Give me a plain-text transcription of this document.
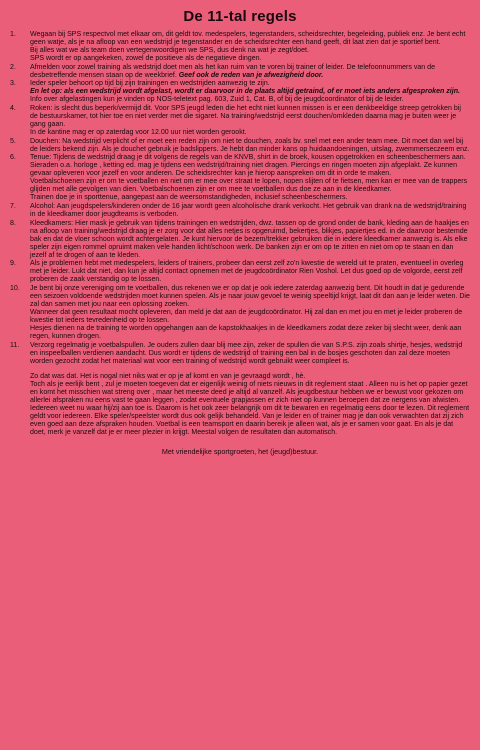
De 11-tal regels
1.	Wegaan bij SPS respectvol met elkaar om, dit geldt tov. medespelers, tegenstanders, scheidsrechter, begeleiding, publiek enz. Je bent echt geen watje, als je na afloop van een wedstrijd je tegenstander en de scheidsrechter een hand geeft, dit laat zien dat je sportief bent.
Bij alles wat we als team doen vertegenwoordigen we SPS, dus denk na wat je zegt/doet.
SPS wordt er op aangekeken, zowel de positieve als de negatieve dingen.
2.	Afmelden voor zowel training als wedstrijd doet men als het kan ruim van te voren bij trainer of leider. De telefoonnummers van de desbetreffende mensen staan op de weekbrief. Geef ook de reden van je afwezigheid door.
3.	Ieder speler behoort op tijd bij zijn trainingen en wedstrijden aanwezig te zijn.
En let op: als een wedstrijd wordt afgelast, wordt er daarvoor in de plaats altijd getraind, of er moet iets anders afgesproken zijn. Info over afgelastingen kun je vinden op NOS-teletext pag. 603, Zuid 1, Cat. B, of bij de jeugdcoordinator of bij de leider.
4.	Roken: is slecht dus beperk/vermijd dit. Voor SPS jeugd leden die het echt niet kunnen missen is er een denkbeeldige streep getrokken bij de bestuurskamer, tot hier toe en niet verder met die sigaret. Na training/wedstrijd eerst douchen/omkleden daarna mag je buiten weer je gang gaan.
In de kantine mag er op zaterdag voor 12.00 uur niet worden gerookt.
5.	Douchen: Na wedstrijd verplicht of er moet een reden zijn om niet te douchen, zoals bv. snel met een ander team mee. Dit moet dan wel bij de leiders bekend zijn. Als je douchet gebruik je badslippers. Je hebt dan minder kans op huidaandoeningen, uitslag, zwemmerseczeem enz.
6.	Tenue: Tijdens de wedstrijd draag je dit volgens de regels van de KNVB, shirt in de broek, kousen opgetrokken en scheenbeschermers aan. Sieraden o.a. horloge , ketting ed. mag je tijdens een wedstrijd/training niet dragen. Piercings en ringen moeten zijn afgeplakt. Ze kunnen gevaar opleveren voor jezelf en voor anderen. De scheidsrechter kan je hierop aanspreken om dit in orde te maken.
Voetbalschoenen zijn er om te voetballen en niet om er mee over straat te lopen, nopen slijten of te fietsen, men kan er mee van de trappers glijden met alle gevolgen van dien. Voetbalschoenen zijn er om mee te voetballen dus doe ze aan in de kleedkamer.
Trainen doe je in sporttenue, aangepast aan de weersomstandigheden, inclusief scheenbeschermers.
7.	Alcohol: Aan jeugdspelers/kinderen onder de 16 jaar wordt geen alcoholische drank verkocht. Het gebruik van drank na de wedstrijd/training in de kleedkamer door jeugdteams is verboden.
8.	Kleedkamers: Hier mask je gebruik van tijdens trainingen en wedstrijden, dwz. tassen op de grond onder de bank, kleding aan de haakjes en na afloop van training/wedstrijd draag je er zorg voor dat alles netjes is opgeruimd, bekertjes, blikjes, papiertjes ed. in de daarvoor bestemde bak en dat de vloer schoon wordt achtergelaten. Je kunt hiervoor de bezem/trekker gebruiken die in iedere kleedkamer aanwezig is. Als elke speler zijn eigen rommel opruimt maken vele handen licht/schoon werk. De banken zijn er om op te zitten en niet om op te staan en dan jezelf af te drogen of aan te kleden.
9.	Als je problemen hebt met medespelers, leiders of trainers, probeer dan eerst zelf zo'n kwestie de wereld uit te praten, eventueel in overleg met je leider. Lukt dat niet, dan kun je altijd contact opnemen met de jeugdcoördinator Rien Voshol. Let dus goed op de volgorde, eerst zelf proberen de zaak verstandig op te lossen.
10.	Je bent bij onze vereniging om te voetballen, dus rekenen we er op dat je ook iedere zaterdag aanwezig bent. Dit houdt in dat je gedurende een seizoen voldoende wedstrijden moet kunnen spelen. Als je naar jouw gevoel te weinig speeltijd krijgt, laat dit dan aan je leider weten. Die zal dan samen met jou naar een oplossing zoeken.
Wanneer dat geen resultaat mocht opleveren, dan meld je dat aan de jeugdcoördinator. Hij zal dan en met jou en met je leider proberen de kwestie tot ieders tevredenheid op te lossen.
Hesjes dienen na de training te worden opgehangen aan de kapstokhaakjes in de kleedkamers zodat deze zeker bij slecht weer, denk aan regen, kunnen drogen.
11.	Verzorg regelmatig je voetbalspullen. Je ouders zullen daar blij mee zijn, zeker de spullen die van S.P.S. zijn zoals shirtje, hesjes, wedstrijd en inspeelballen verdienen aandacht. Dus wordt er tijdens de wedstrijd of training een bal in de bosjes geschoten dan zal deze moeten worden gezocht zodat het materiaal wat voor een training of wedstrijd wordt gebruikt weer compleet is.
Zo dat was dat. Het is nogal niet niks wat er op je af komt en van je gevraagd wordt , hè.
Toch als je eerlijk bent , zul je moeten toegeven dat er eigenlijk weinig of niets nieuws in dit reglement staat . Alleen nu is het op papier gezet en komt het misschien wat streng over , maar het meeste deed je altijd al vanzelf. Als jeugdbestuur hebben we er bewust voor gekozen om allerlei afspraken nu eens vast te gaan leggen , zodat eventuele grapjassen er zich niet op kunnen beroepen dat ze nergens van afwisten. Iedereen weet nu waar hij/zij aan toe is. Daarom is het ook zeer belangrijk om dit te bewaren en regelmatig eens door te lezen. Dit reglement geldt voor iedereen. Elke speler/speelster wordt dus ook gelijk behandeld. Van je leider en of trainer mag je dan ook verwachten dat zij zich even goed aan deze afspraken houden. Voetbal is een teamsport en daarin bereik je alleen wat, als je er samen voor gaat. En als je dat doet, merk je vanzelf dat je er meer plezier in krijgt. Meestal volgen de resultaten dan automatisch.
Met vriendelijke sportgroeten, het (jeugd)bestuur.
